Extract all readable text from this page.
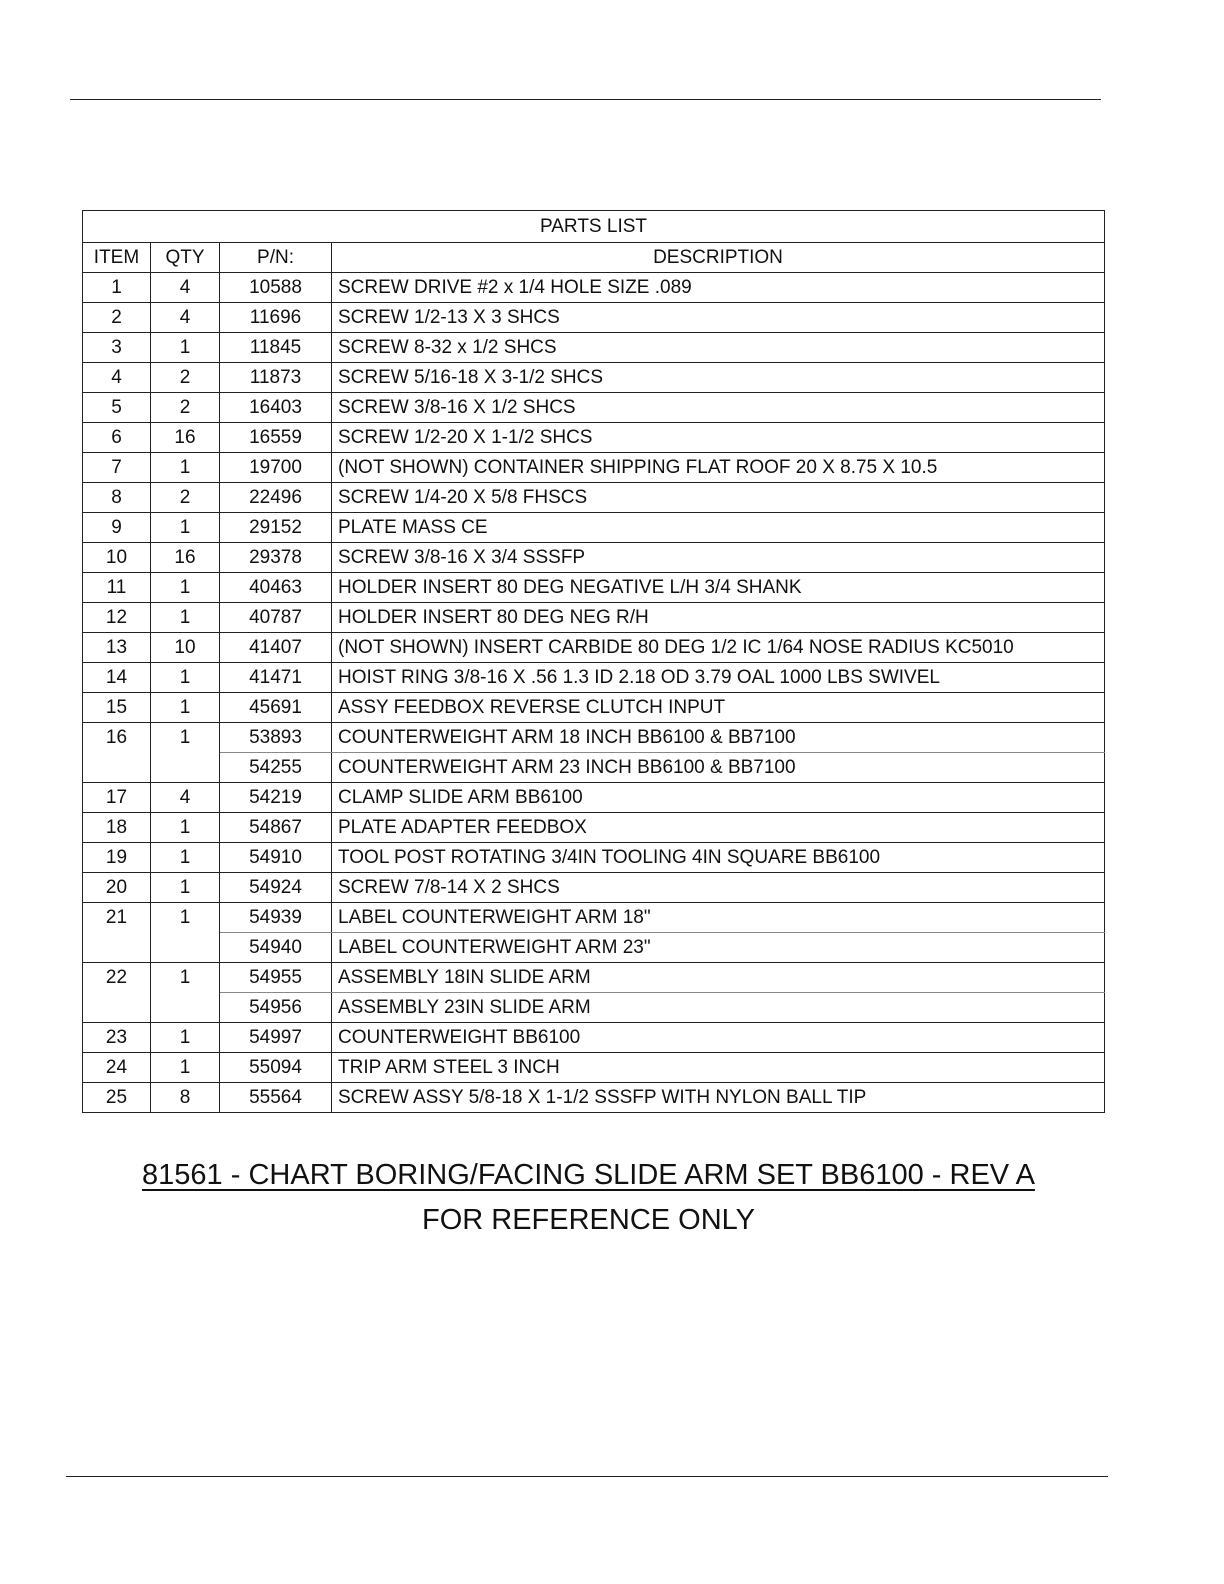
PARTS LIST			
ITEM	QTY	P/N:	DESCRIPTION
1	4	10588	SCREW DRIVE #2 x 1/4 HOLE SIZE .089
2	4	11696	SCREW 1/2-13 X 3 SHCS
3	1	11845	SCREW 8-32 x 1/2 SHCS
4	2	11873	SCREW 5/16-18 X 3-1/2 SHCS
5	2	16403	SCREW 3/8-16 X 1/2 SHCS
6	16	16559	SCREW 1/2-20 X 1-1/2 SHCS
7	1	19700	(NOT SHOWN) CONTAINER SHIPPING FLAT ROOF 20 X 8.75 X 10.5
8	2	22496	SCREW 1/4-20 X 5/8 FHSCS
9	1	29152	PLATE MASS CE
10	16	29378	SCREW 3/8-16 X 3/4 SSSFP
11	1	40463	HOLDER INSERT 80 DEG NEGATIVE L/H 3/4 SHANK
12	1	40787	HOLDER INSERT 80 DEG NEG R/H
13	10	41407	(NOT SHOWN) INSERT CARBIDE 80 DEG 1/2 IC 1/64 NOSE RADIUS KC5010
14	1	41471	HOIST RING 3/8-16 X .56 1.3 ID 2.18 OD 3.79 OAL 1000 LBS SWIVEL
15	1	45691	ASSY FEEDBOX REVERSE CLUTCH INPUT
16	1	53893	COUNTERWEIGHT ARM 18 INCH BB6100 & BB7100
		54255	COUNTERWEIGHT ARM 23 INCH BB6100 & BB7100
17	4	54219	CLAMP SLIDE ARM BB6100
18	1	54867	PLATE ADAPTER FEEDBOX
19	1	54910	TOOL POST ROTATING 3/4IN TOOLING 4IN SQUARE BB6100
20	1	54924	SCREW 7/8-14 X 2 SHCS
21	1	54939	LABEL COUNTERWEIGHT ARM 18"
		54940	LABEL COUNTERWEIGHT ARM 23"
22	1	54955	ASSEMBLY 18IN SLIDE ARM
		54956	ASSEMBLY 23IN SLIDE ARM
23	1	54997	COUNTERWEIGHT BB6100
24	1	55094	TRIP ARM STEEL 3 INCH
25	8	55564	SCREW ASSY 5/8-18 X 1-1/2 SSSFP WITH NYLON BALL TIP
81561 - CHART BORING/FACING SLIDE ARM SET BB6100 - REV A
FOR REFERENCE ONLY
